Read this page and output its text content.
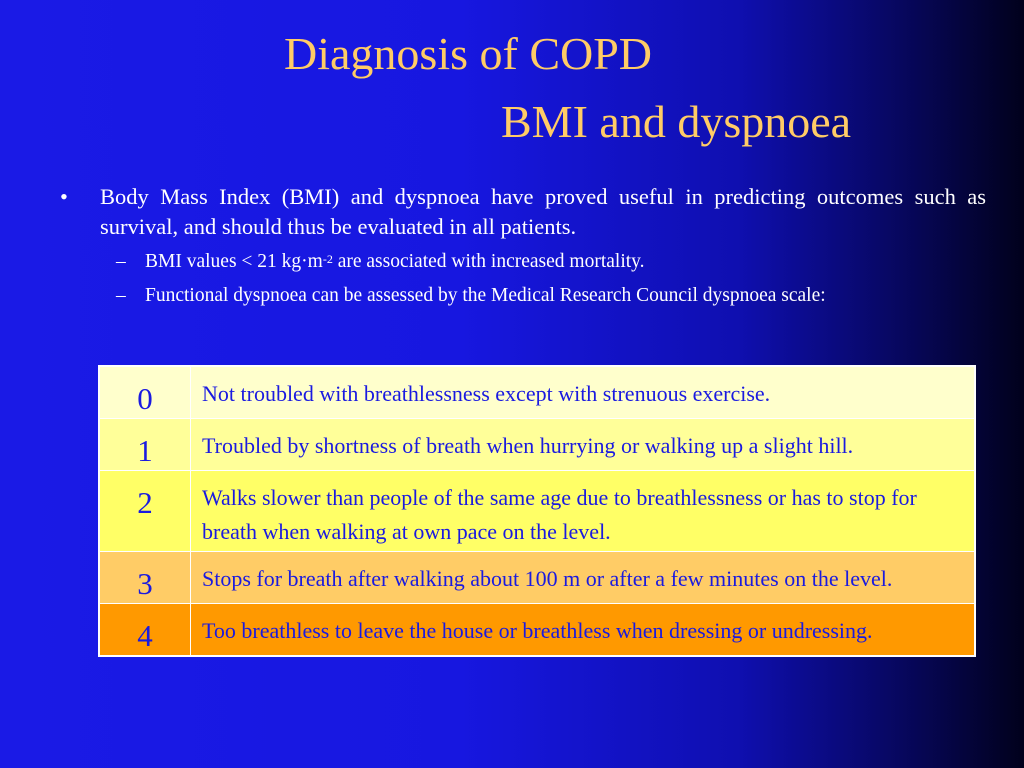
Diagnosis of COPD
BMI and dyspnoea
•	Body Mass Index (BMI) and dyspnoea have proved useful in predicting outcomes such as survival, and should thus be evaluated in all patients.
– BMI values < 21 $kg\cdot m^{-2}$ are associated with increased mortality.
– Functional dyspnoea can be assessed by the Medical Research Council dyspnoea scale:
0	Not troubled with breathlessness except with strenuous exercise.
1	Troubled by shortness of breath when hurrying or walking up a slight hill.
2	Walks slower than people of the same age due to breathlessness or has to stop for breath when walking at own pace on the level.
3	Stops for breath after walking about 100 m or after a few minutes on the level.
4	Too breathless to leave the house or breathless when dressing or undressing.
